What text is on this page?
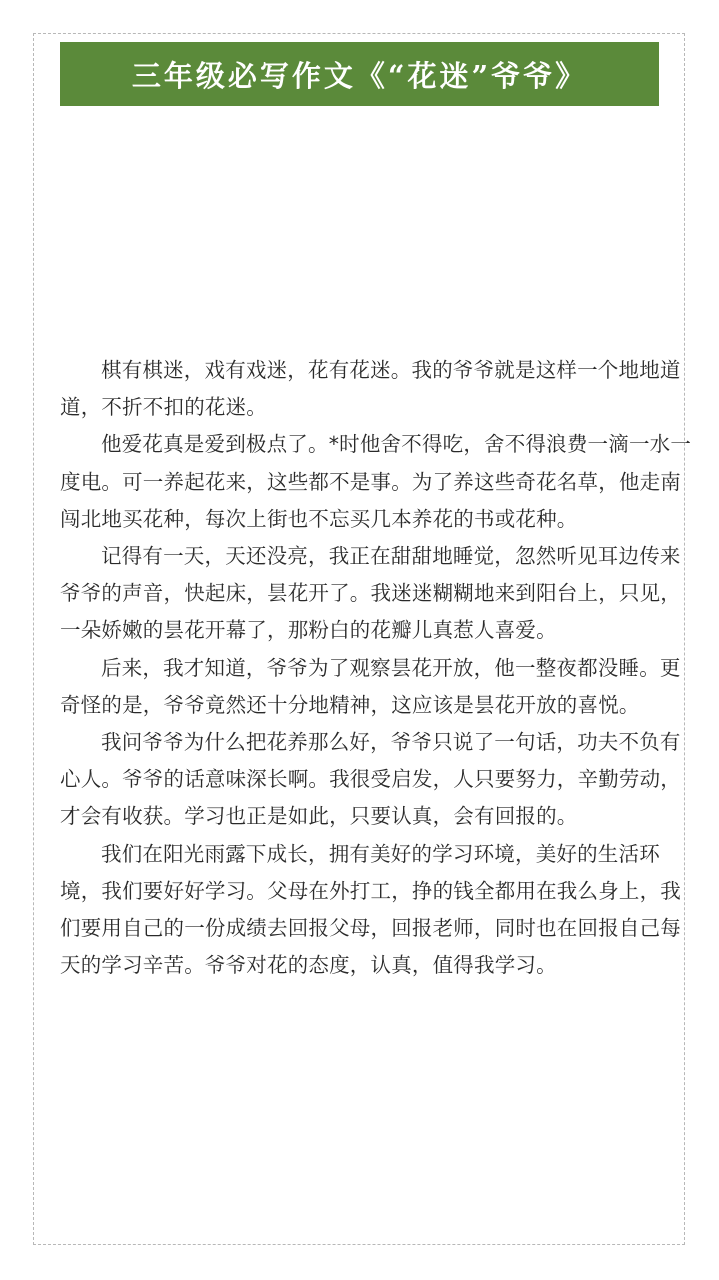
三年级必写作文《“花迷”爷爷》

棋有棋迷，戏有戏迷，花有花迷。我的爷爷就是这样一个地地道道，不折不扣的花迷。

他爱花真是爱到极点了。*时他舍不得吃，舍不得浪费一滴一水一度电。可一养起花来，这些都不是事。为了养这些奇花名草，他走南闯北地买花种，每次上街也不忘买几本养花的书或花种。

记得有一天，天还没亮，我正在甜甜地睡觉，忽然听见耳边传来爷爷的声音，快起床，昙花开了。我迷迷糊糊地来到阳台上，只见，一朵娇嫩的昙花开幕了，那粉白的花瓣儿真惹人喜爱。

后来，我才知道，爷爷为了观察昙花开放，他一整夜都没睡。更奇怪的是，爷爷竟然还十分地精神，这应该是昙花开放的喜悦。

我问爷爷为什么把花养那么好，爷爷只说了一句话，功夫不负有心人。爷爷的话意味深长啊。我很受启发，人只要努力，辛勤劳动，才会有收获。学习也正是如此，只要认真，会有回报的。

我们在阳光雨露下成长，拥有美好的学习环境，美好的生活环境，我们要好好学习。父母在外打工，挣的钱全都用在我么身上，我们要用自己的一份成绩去回报父母，回报老师，同时也在回报自己每天的学习辛苦。爷爷对花的态度，认真，值得我学习。
